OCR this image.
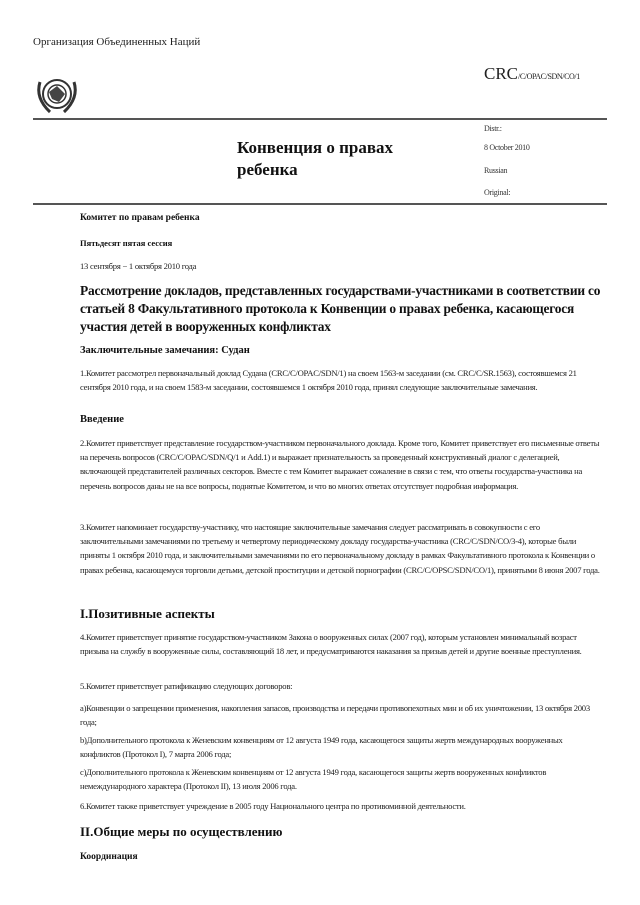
Организация Объединенных Наций
CRC/C/OPAC/SDN/CO/1
Конвенция о правах ребенка
Distr.:
8 October 2010
Russian
Original:
Комитет по правам ребенка
Пятьдесят пятая сессия
13 сентября − 1 октября 2010 года
Рассмотрение докладов, представленных государствами-участниками в соответствии со статьей 8 Факультативного протокола к Конвенции о правах ребенка, касающегося участия детей в вооруженных конфликтах
Заключительные замечания: Судан
1.Комитет рассмотрел первоначальный доклад Судана (CRC/C/OPAC/SDN/1) на своем 1563-м заседании (см. CRC/C/SR.1563), состоявшемся 21 сентября 2010 года, и на своем 1583-м заседании, состоявшемся 1 октября 2010 года, принял следующие заключительные замечания.
Введение
2.Комитет приветствует представление государством-участником первоначального доклада. Кроме того, Комитет приветствует его письменные ответы на перечень вопросов (CRC/C/OPAC/SDN/Q/1 и Add.1) и выражает признательность за проведенный конструктивный диалог с делегацией, включающей представителей различных секторов. Вместе с тем Комитет выражает сожаление в связи с тем, что ответы государства-участника на перечень вопросов даны не на все вопросы, поднятые Комитетом, и что во многих ответах отсутствует подробная информация.
3.Комитет напоминает государству-участнику, что настоящие заключительные замечания следует рассматривать в совокупности с его заключительными замечаниями по третьему и четвертому периодическому докладу государства-участника (CRC/C/SDN/CO/3-4), которые были приняты 1 октября 2010 года, и заключительными замечаниями по его первоначальному докладу в рамках Факультативного протокола к Конвенции о правах ребенка, касающемуся торговли детьми, детской проституции и детской порнографии (CRC/C/OPSC/SDN/CO/1), принятыми 8 июня 2007 года.
I.Позитивные аспекты
4.Комитет приветствует принятие государством-участником Закона о вооруженных силах (2007 год), которым установлен минимальный возраст призыва на службу в вооруженные силы, составляющий 18 лет, и предусматриваются наказания за призыв детей и другие военные преступления.
5.Комитет приветствует ратификацию следующих договоров:
a)Конвенции о запрещении применения, накопления запасов, производства и передачи противопехотных мин и об их уничтожении, 13 октября 2003 года;
b)Дополнительного протокола к Женевским конвенциям от 12 августа 1949 года, касающегося защиты жертв международных вооруженных конфликтов (Протокол I), 7 марта 2006 года;
c)Дополнительного протокола к Женевским конвенциям от 12 августа 1949 года, касающегося защиты жертв вооруженных конфликтов немеждународного характера (Протокол II), 13 июля 2006 года.
6.Комитет также приветствует учреждение в 2005 году Национального центра по противоминной деятельности.
II.Общие меры по осуществлению
Координация
